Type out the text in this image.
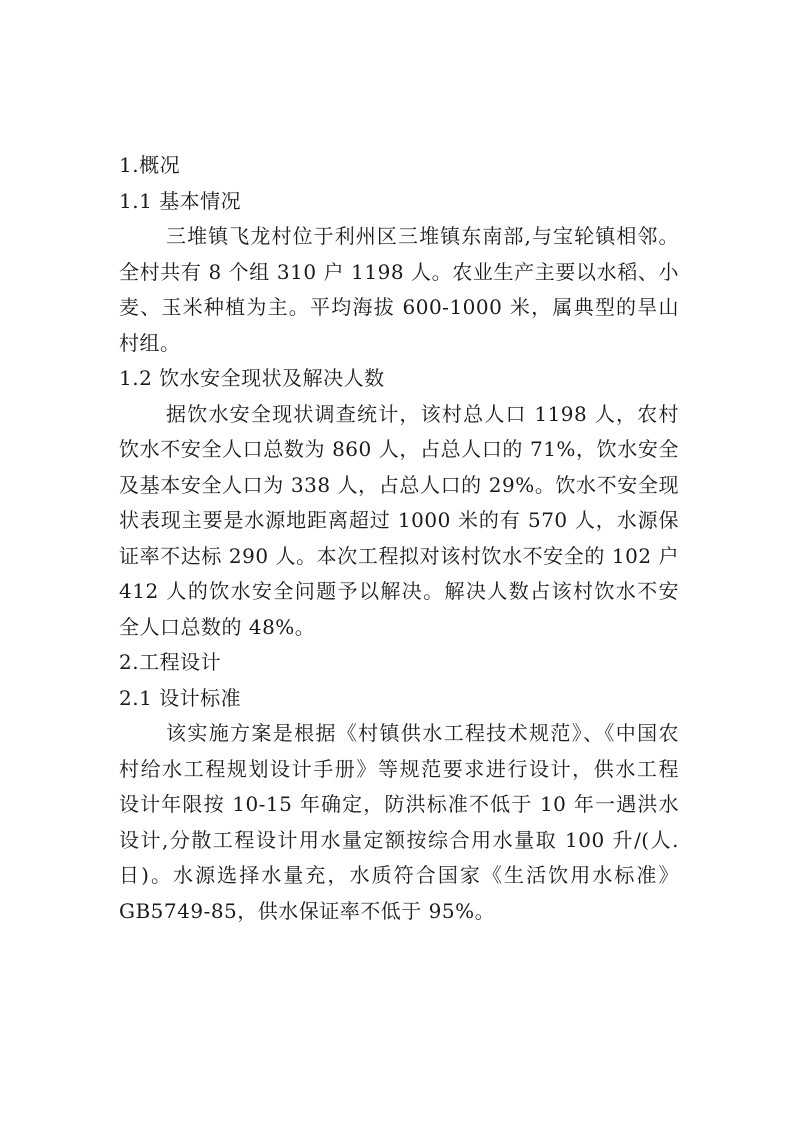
1.概况
1.1 基本情况
三堆镇飞龙村位于利州区三堆镇东南部,与宝轮镇相邻。
全村共有 8 个组 310 户 1198 人。农业生产主要以水稻、小
麦、玉米种植为主。平均海拔 600-1000 米，属典型的旱山
村组。
1.2 饮水安全现状及解决人数
据饮水安全现状调查统计，该村总人口 1198 人，农村
饮水不安全人口总数为 860 人，占总人口的 71%，饮水安全
及基本安全人口为 338 人，占总人口的 29%。饮水不安全现
状表现主要是水源地距离超过 1000 米的有 570 人，水源保
证率不达标 290 人。本次工程拟对该村饮水不安全的 102 户
412 人的饮水安全问题予以解决。解决人数占该村饮水不安
全人口总数的 48%。
2.工程设计
2.1 设计标准
该实施方案是根据《村镇供水工程技术规范》、《中国农
村给水工程规划设计手册》等规范要求进行设计，供水工程
设计年限按 10-15 年确定，防洪标准不低于 10 年一遇洪水
设计,分散工程设计用水量定额按综合用水量取 100 升/(人.
日)。水源选择水量充，水质符合国家《生活饮用水标准》
GB5749-85，供水保证率不低于 95%。
